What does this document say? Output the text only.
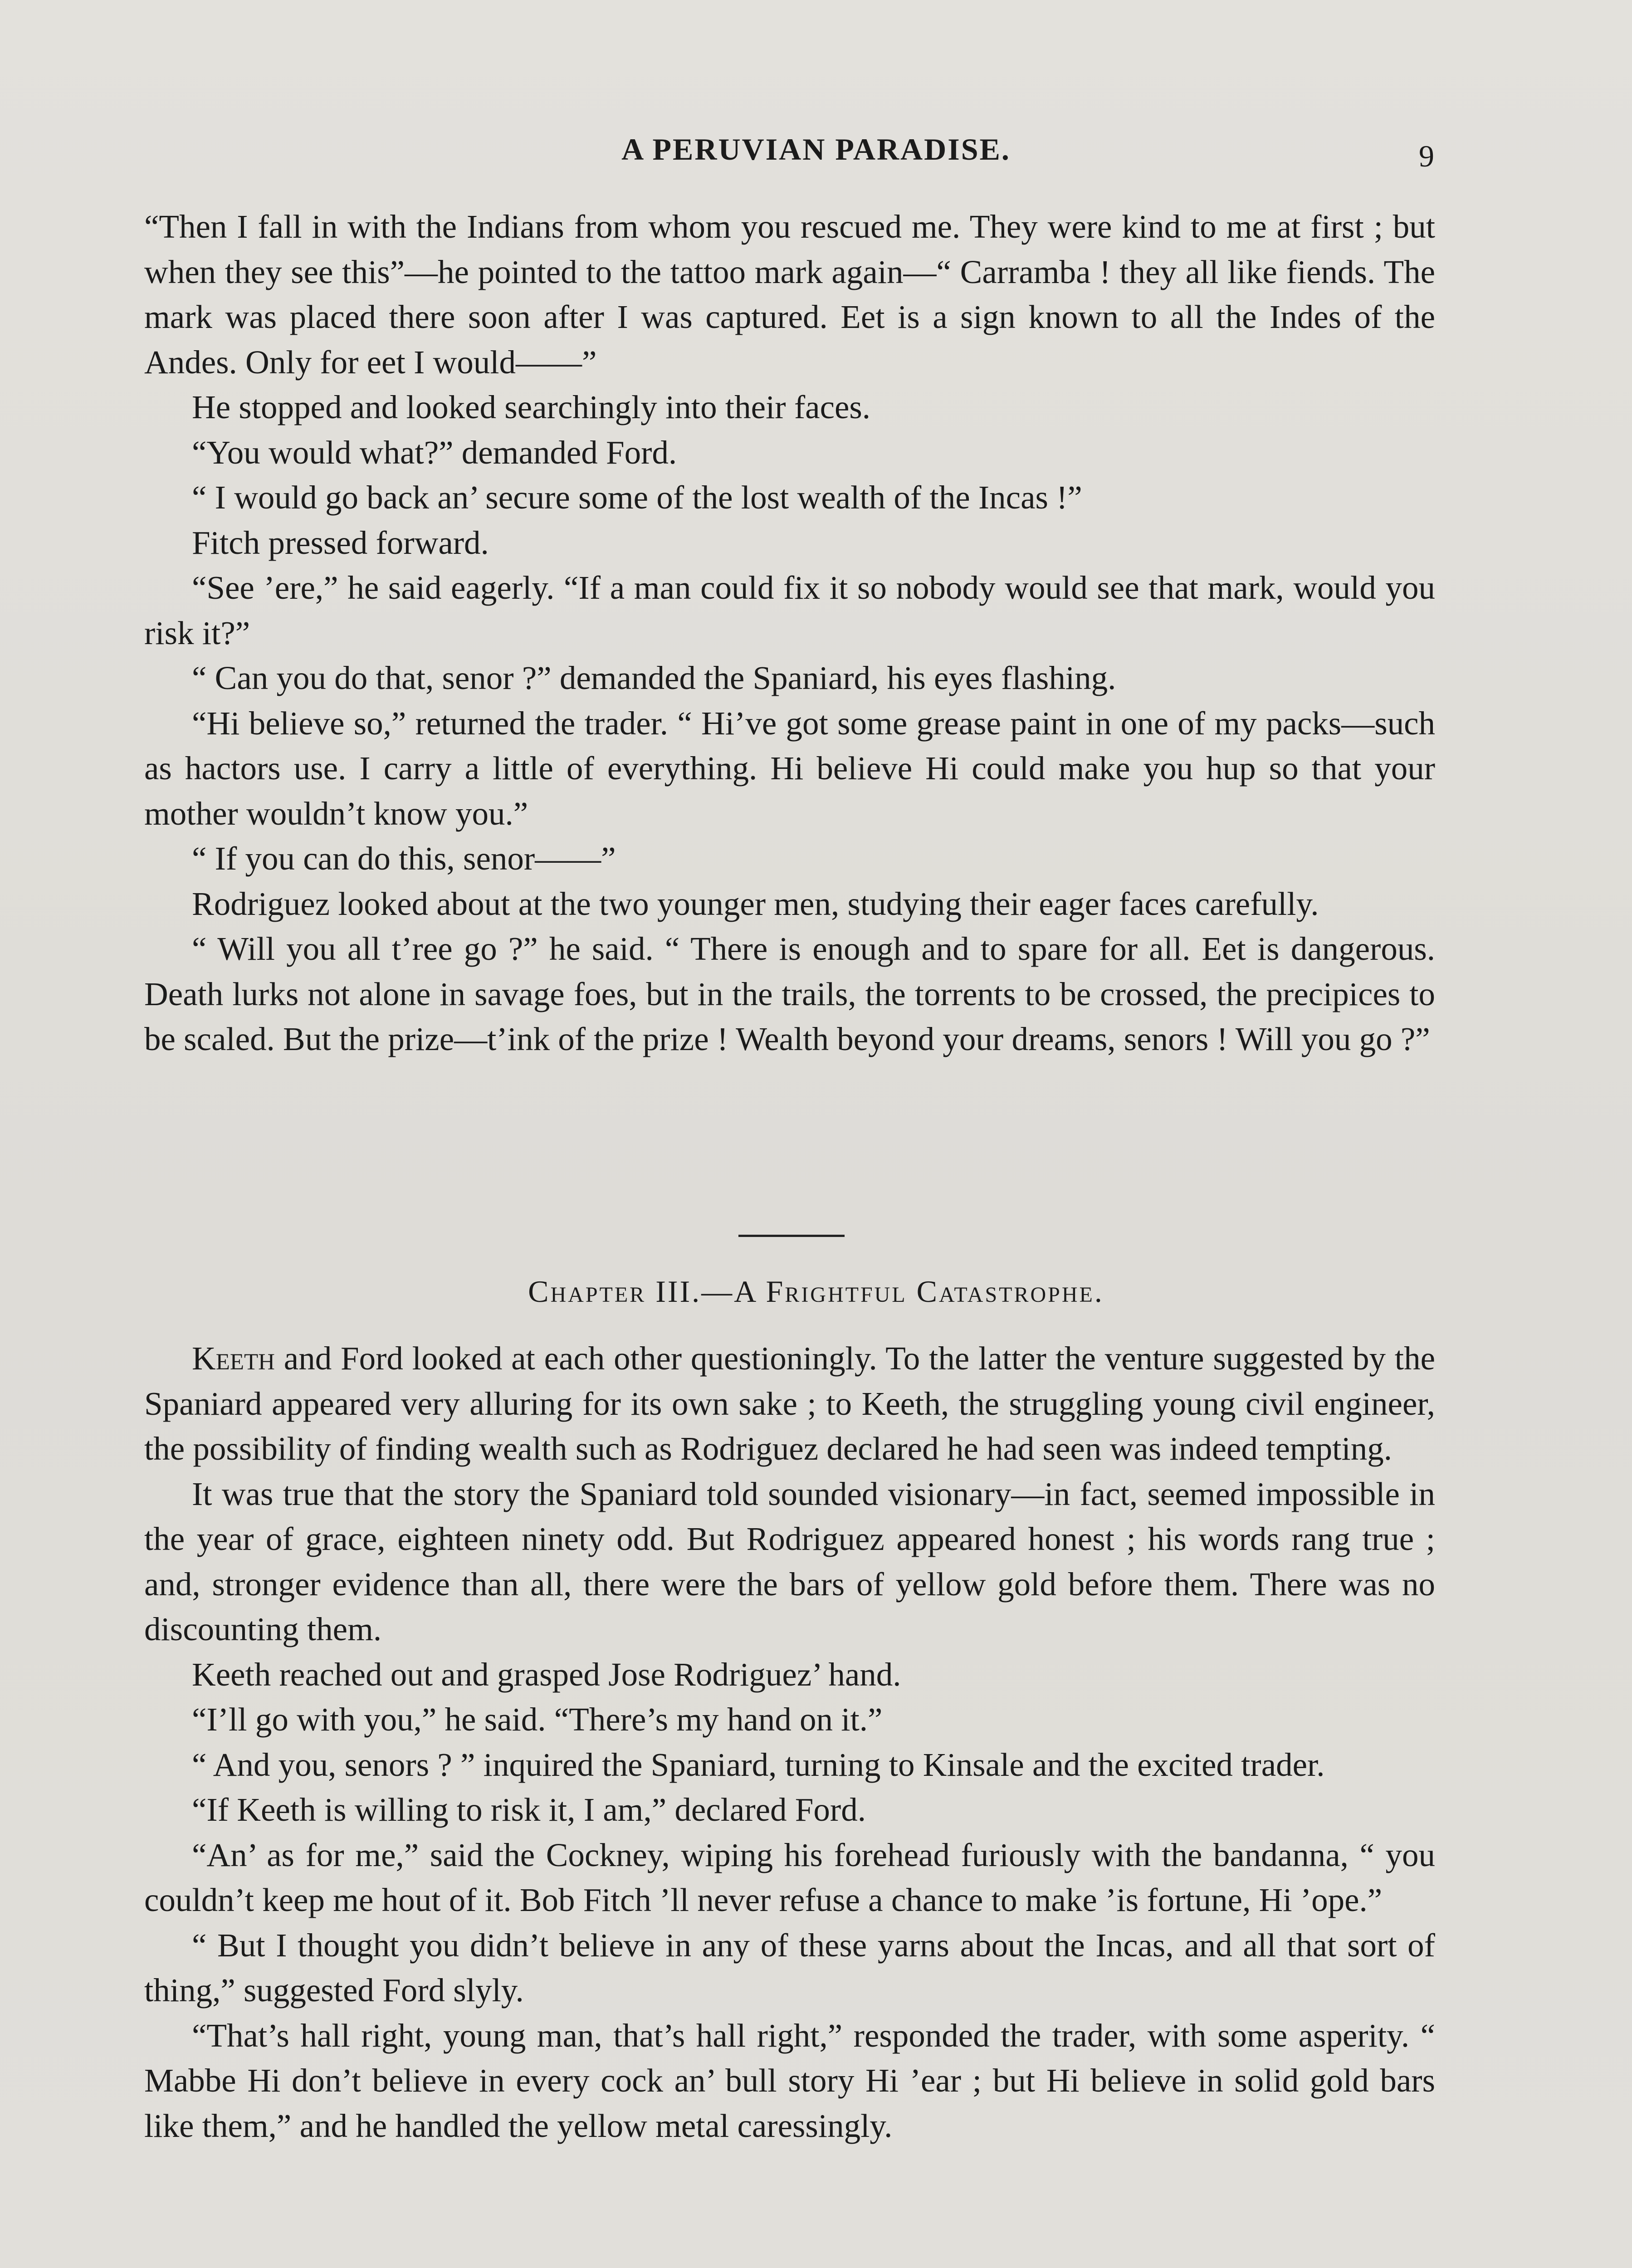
A PERUVIAN PARADISE.	9

“Then I fall in with the Indians from whom you rescued me. They were kind to me at first ; but when they see this”—he pointed to the tattoo mark again—“ Carramba ! they all like fiends. The mark was placed there soon after I was captured. Eet is a sign known to all the Indes of the Andes. Only for eet I would——”

He stopped and looked searchingly into their faces.

“You would what?” demanded Ford.

“ I would go back an’ secure some of the lost wealth of the Incas !”

Fitch pressed forward.

“See ’ere,” he said eagerly. “If a man could fix it so nobody would see that mark, would you risk it?”

“ Can you do that, senor ?” demanded the Spaniard, his eyes flashing.

“Hi believe so,” returned the trader. “ Hi’ve got some grease paint in one of my packs—such as hactors use. I carry a little of everything. Hi believe Hi could make you hup so that your mother wouldn’t know you.”

“ If you can do this, senor——”

Rodriguez looked about at the two younger men, studying their eager faces carefully.

“ Will you all t’ree go ?” he said. “ There is enough and to spare for all. Eet is dangerous. Death lurks not alone in savage foes, but in the trails, the torrents to be crossed, the precipices to be scaled. But the prize—t’ink of the prize ! Wealth beyond your dreams, senors ! Will you go ?”

Chapter III.—A Frightful Catastrophe.

Keeth and Ford looked at each other questioningly. To the latter the venture suggested by the Spaniard appeared very alluring for its own sake ; to Keeth, the struggling young civil engineer, the possibility of finding wealth such as Rodriguez declared he had seen was indeed tempting.

It was true that the story the Spaniard told sounded visionary—in fact, seemed impossible in the year of grace, eighteen ninety odd. But Rodriguez appeared honest ; his words rang true ; and, stronger evidence than all, there were the bars of yellow gold before them. There was no discounting them.

Keeth reached out and grasped Jose Rodriguez’ hand.

“I’ll go with you,” he said. “There’s my hand on it.”

“ And you, senors ? ” inquired the Spaniard, turning to Kinsale and the excited trader.

“If Keeth is willing to risk it, I am,” declared Ford.

“An’ as for me,” said the Cockney, wiping his forehead furiously with the bandanna, “ you couldn’t keep me hout of it. Bob Fitch ’ll never refuse a chance to make ’is fortune, Hi ’ope.”

“ But I thought you didn’t believe in any of these yarns about the Incas, and all that sort of thing,” suggested Ford slyly.

“That’s hall right, young man, that’s hall right,” responded the trader, with some asperity. “ Mabbe Hi don’t believe in every cock an’ bull story Hi ’ear ; but Hi believe in solid gold bars like them,” and he handled the yellow metal caressingly.
